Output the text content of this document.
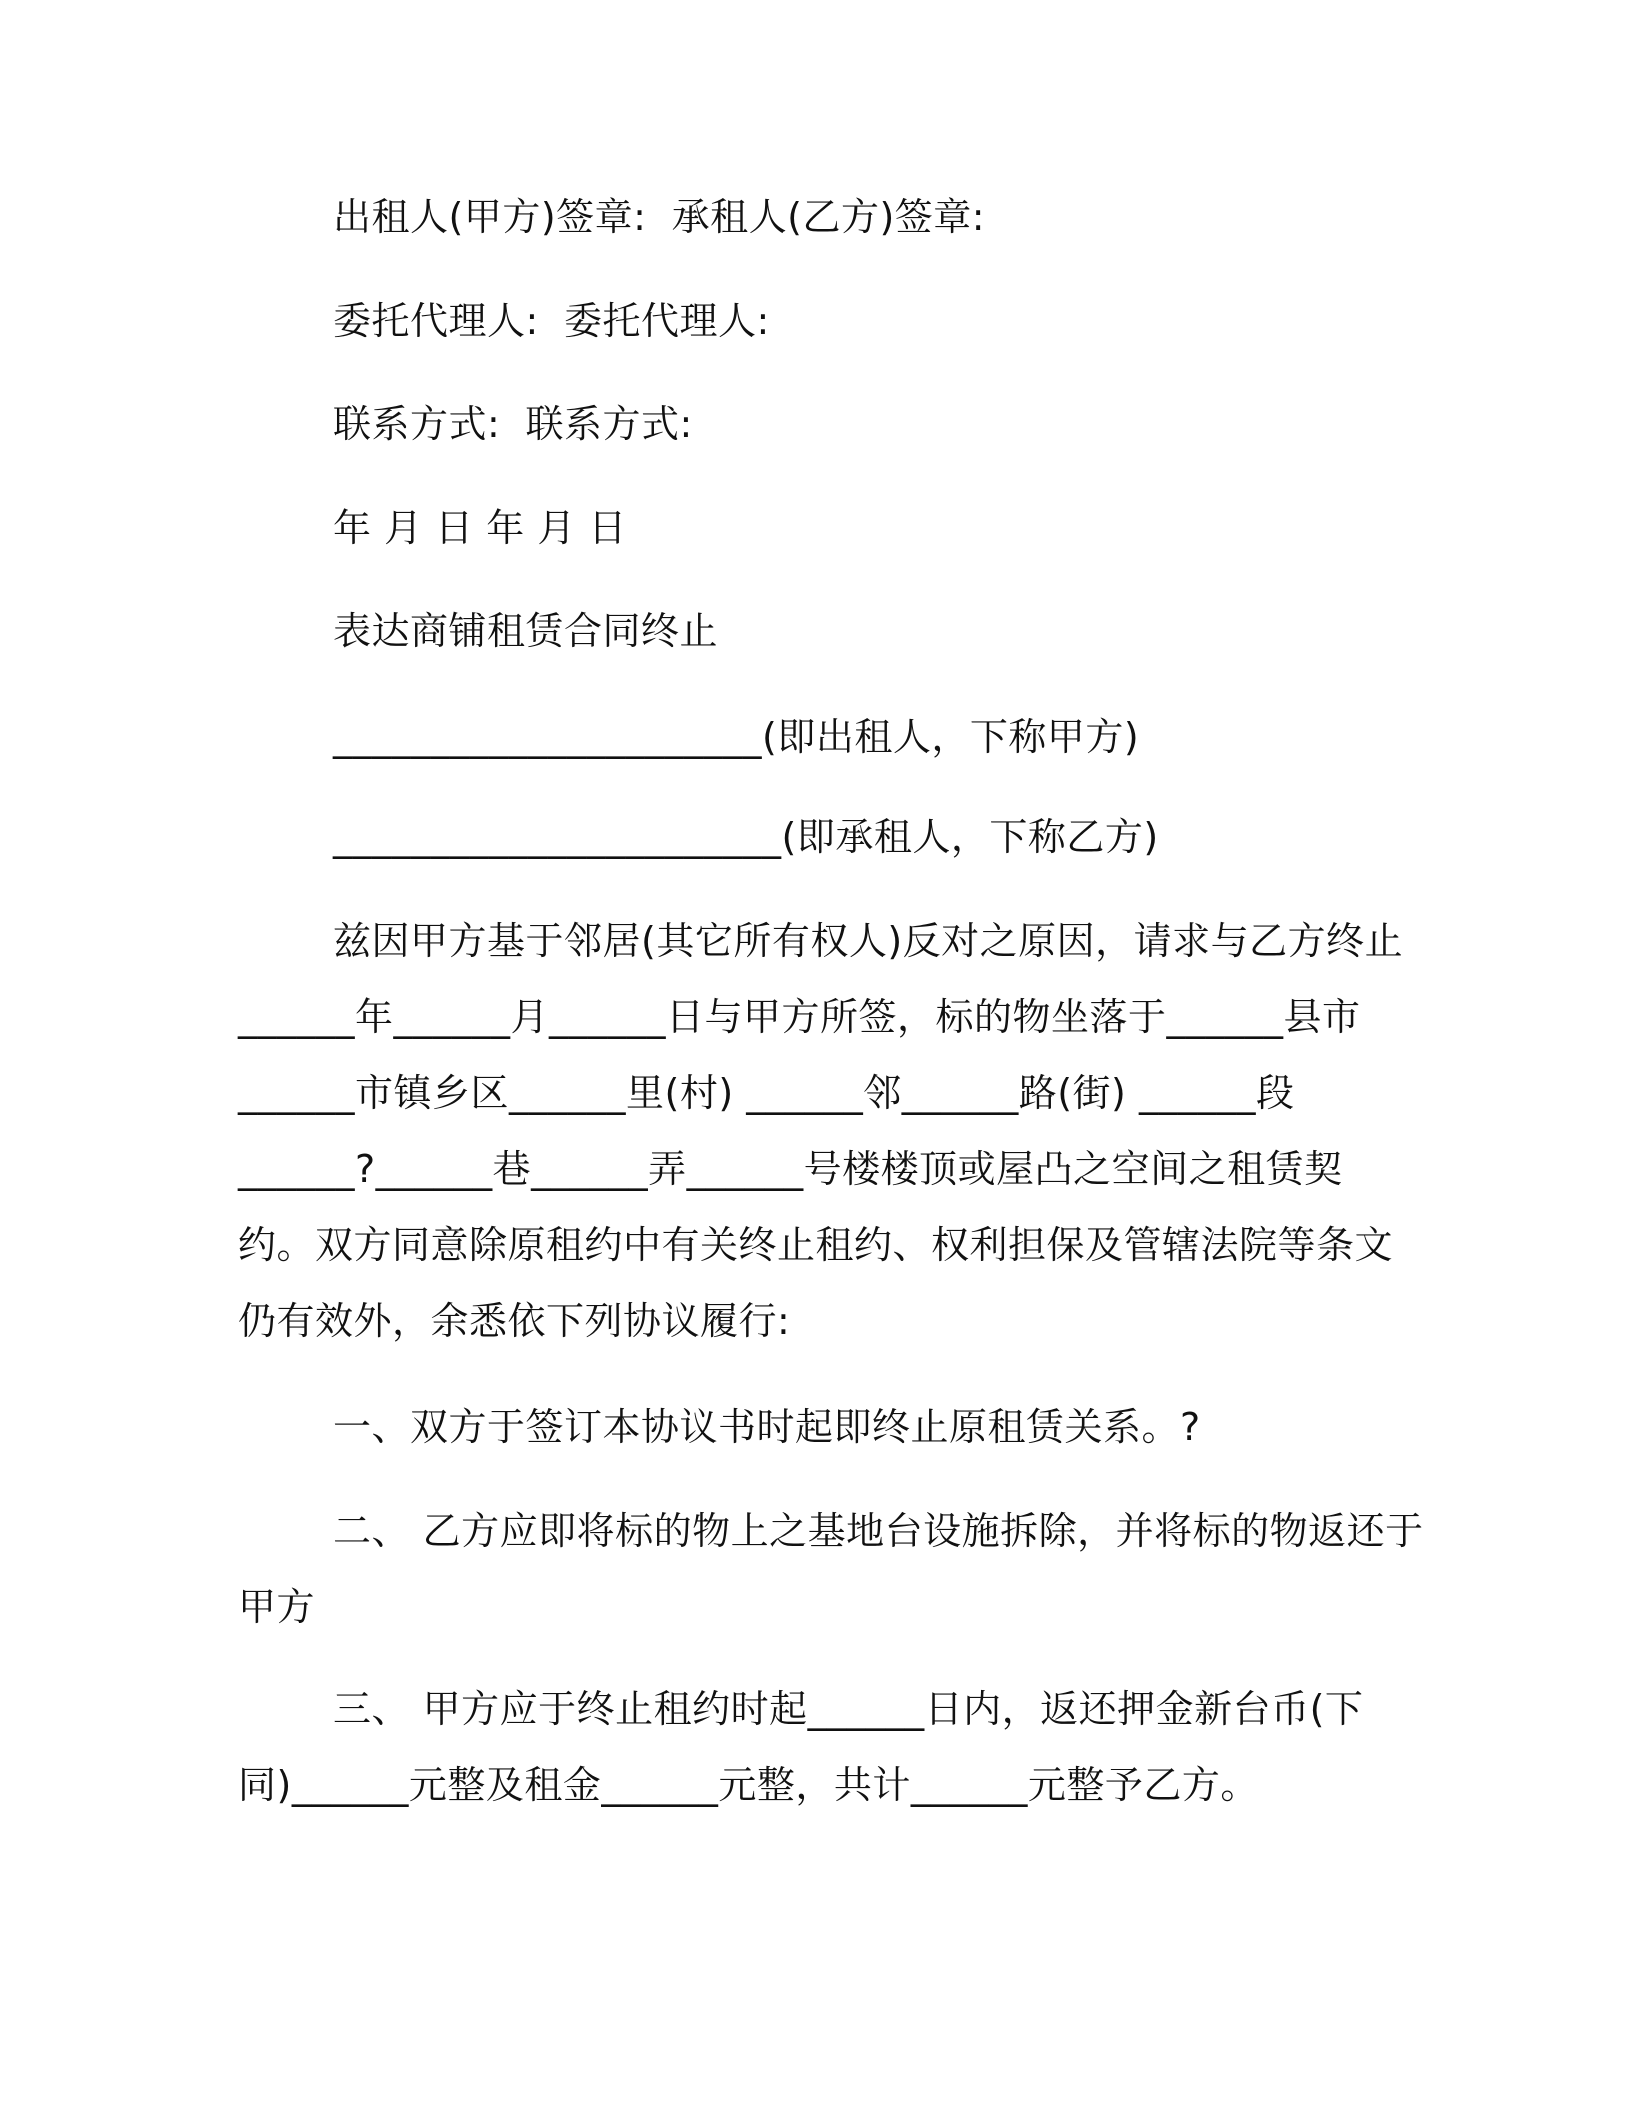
出租人(甲方)签章:  承租人(乙方)签章:
委托代理人:  委托代理人:
联系方式:  联系方式:
年 月 日 年 月 日
表达商铺租赁合同终止
______________________(即出租人，下称甲方)
_______________________(即承租人，下称乙方)
兹因甲方基于邻居(其它所有权人)反对之原因，请求与乙方终止
______年______月______日与甲方所签，标的物坐落于______县市
______市镇乡区______里(村) ______邻______路(街) ______段
______?______巷______弄______号楼楼顶或屋凸之空间之租赁契
约。双方同意除原租约中有关终止租约、权利担保及管辖法院等条文
仍有效外，余悉依下列协议履行:
一、双方于签订本协议书时起即终止原租赁关系。?
二、 乙方应即将标的物上之基地台设施拆除，并将标的物返还于
甲方
三、 甲方应于终止租约时起______日内，返还押金新台币(下
同)______元整及租金______元整，共计______元整予乙方。
